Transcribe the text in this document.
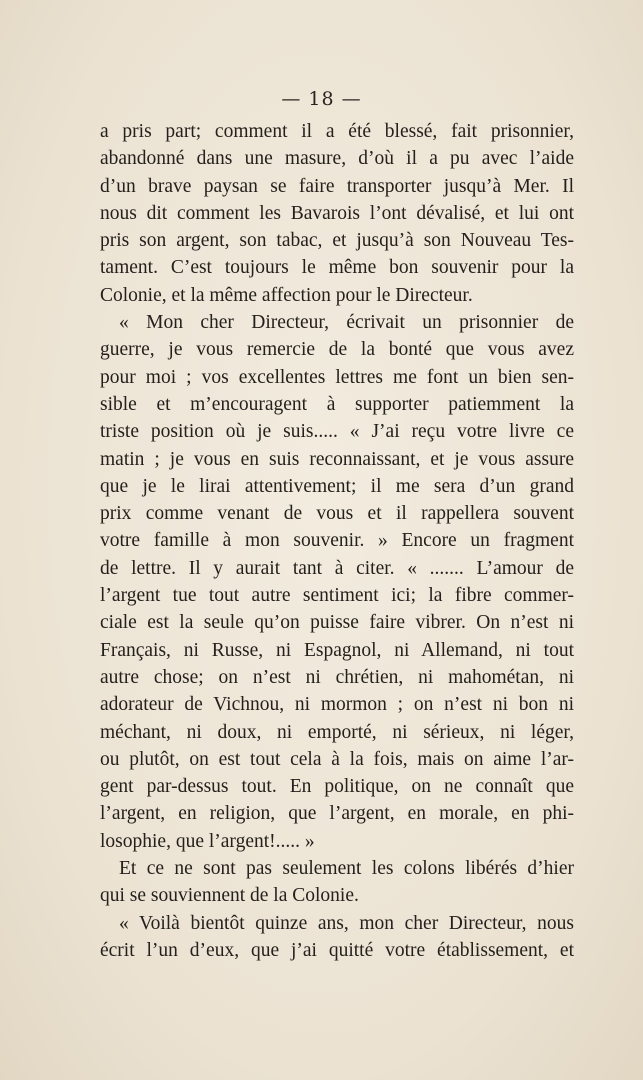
— 18 —
a pris part; comment il a été blessé, fait prisonnier,
abandonné dans une masure, d’où il a pu avec l’aide
d’un brave paysan se faire transporter jusqu’à Mer. Il
nous dit comment les Bavarois l’ont dévalisé, et lui ont
pris son argent, son tabac, et jusqu’à son Nouveau Tes-
tament. C’est toujours le même bon souvenir pour la
Colonie, et la même affection pour le Directeur.
« Mon cher Directeur, écrivait un prisonnier de
guerre, je vous remercie de la bonté que vous avez
pour moi ; vos excellentes lettres me font un bien sen-
sible et m’encouragent à supporter patiemment la
triste position où je suis..... « J’ai reçu votre livre ce
matin ; je vous en suis reconnaissant, et je vous assure
que je le lirai attentivement; il me sera d’un grand
prix comme venant de vous et il rappellera souvent
votre famille à mon souvenir. » Encore un fragment
de lettre. Il y aurait tant à citer. « ....... L’amour de
l’argent tue tout autre sentiment ici; la fibre commer-
ciale est la seule qu’on puisse faire vibrer. On n’est ni
Français, ni Russe, ni Espagnol, ni Allemand, ni tout
autre chose; on n’est ni chrétien, ni mahométan, ni
adorateur de Vichnou, ni mormon ; on n’est ni bon ni
méchant, ni doux, ni emporté, ni sérieux, ni léger,
ou plutôt, on est tout cela à la fois, mais on aime l’ar-
gent par-dessus tout. En politique, on ne connaît que
l’argent, en religion, que l’argent, en morale, en phi-
losophie, que l’argent!..... »
Et ce ne sont pas seulement les colons libérés d’hier
qui se souviennent de la Colonie.
« Voilà bientôt quinze ans, mon cher Directeur, nous
écrit l’un d’eux, que j’ai quitté votre établissement, et
